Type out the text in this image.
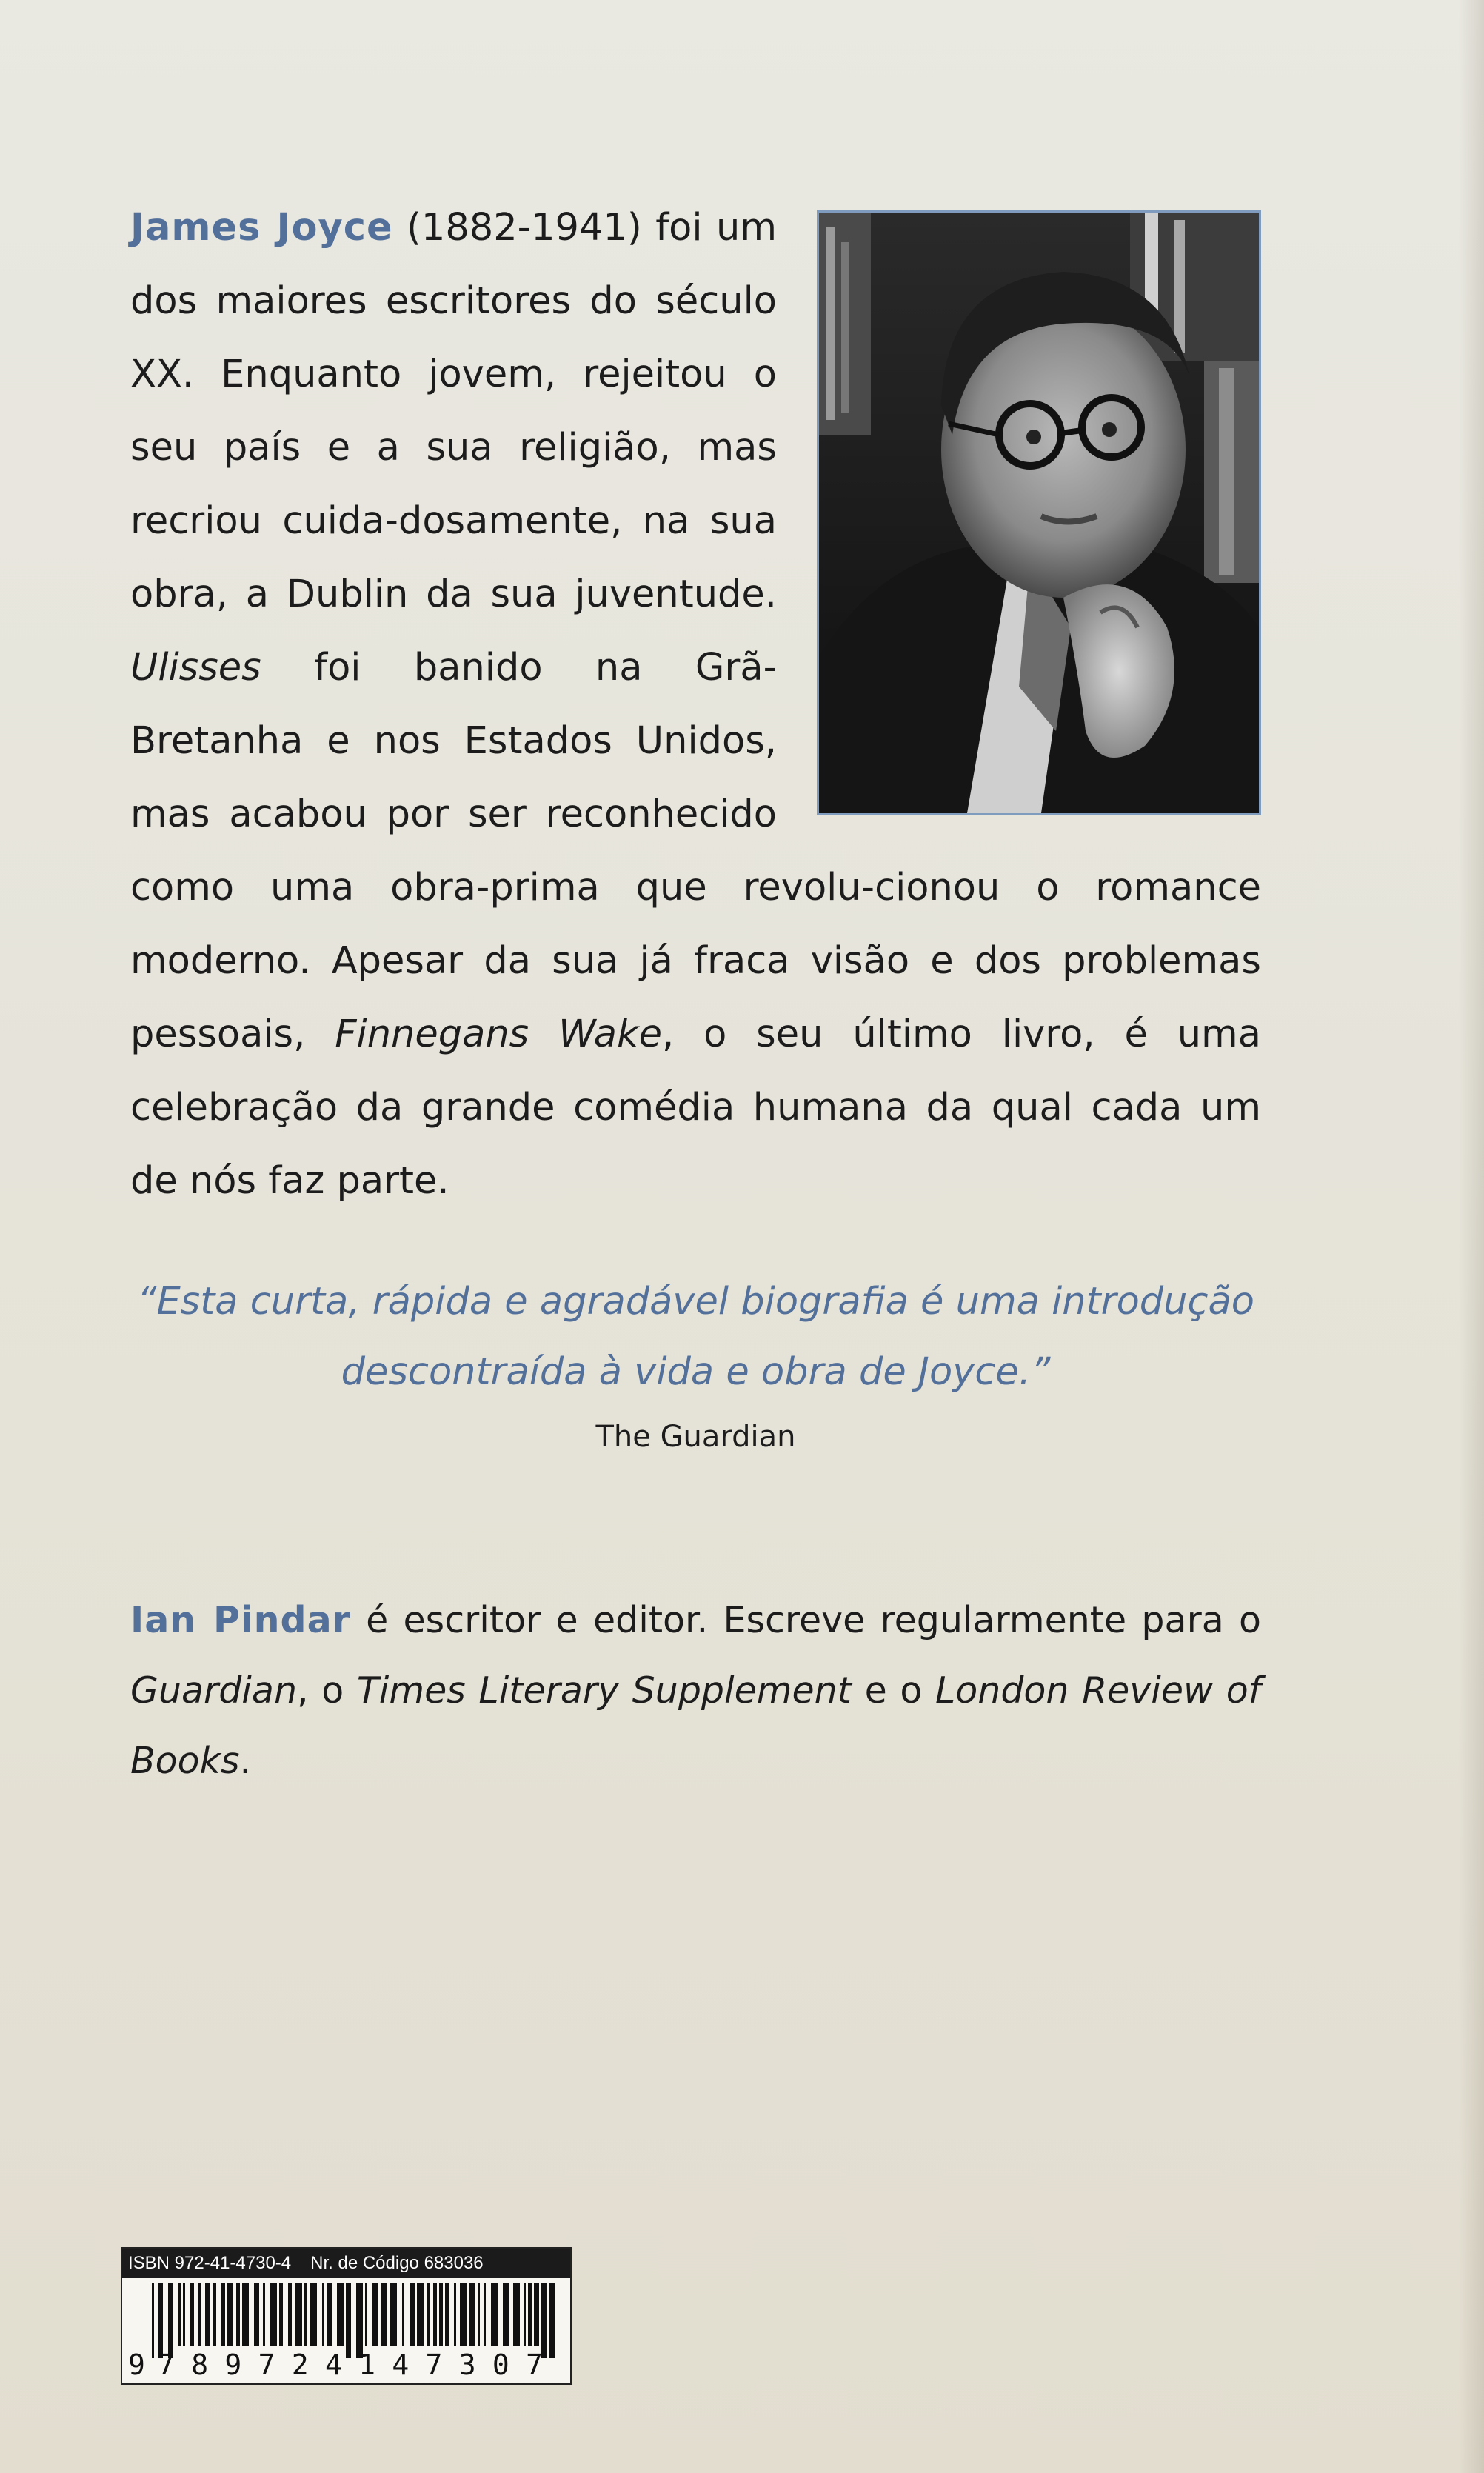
James Joyce (1882-1941) foi um dos maiores escritores do século XX. Enquanto jovem, rejeitou o seu país e a sua religião, mas recriou cuida-dosamente, na sua obra, a Dublin da sua juventude. Ulisses foi banido na Grã-Bretanha e nos Estados Unidos, mas acabou por ser reconhecido como uma obra-prima que revolu-cionou o romance moderno. Apesar da sua já fraca visão e dos problemas pessoais, Finnegans Wake, o seu último livro, é uma celebração da grande comédia humana da qual cada um de nós faz parte.

“Esta curta, rápida e agradável biografia é uma introdução

descontraída à vida e obra de Joyce.”

The Guardian

Ian Pindar é escritor e editor. Escreve regularmente para o Guardian, o Times Literary Supplement e o London Review of Books.

ISBN 972-41-4730-4 Nr. de Código 683036
9 789724147307
